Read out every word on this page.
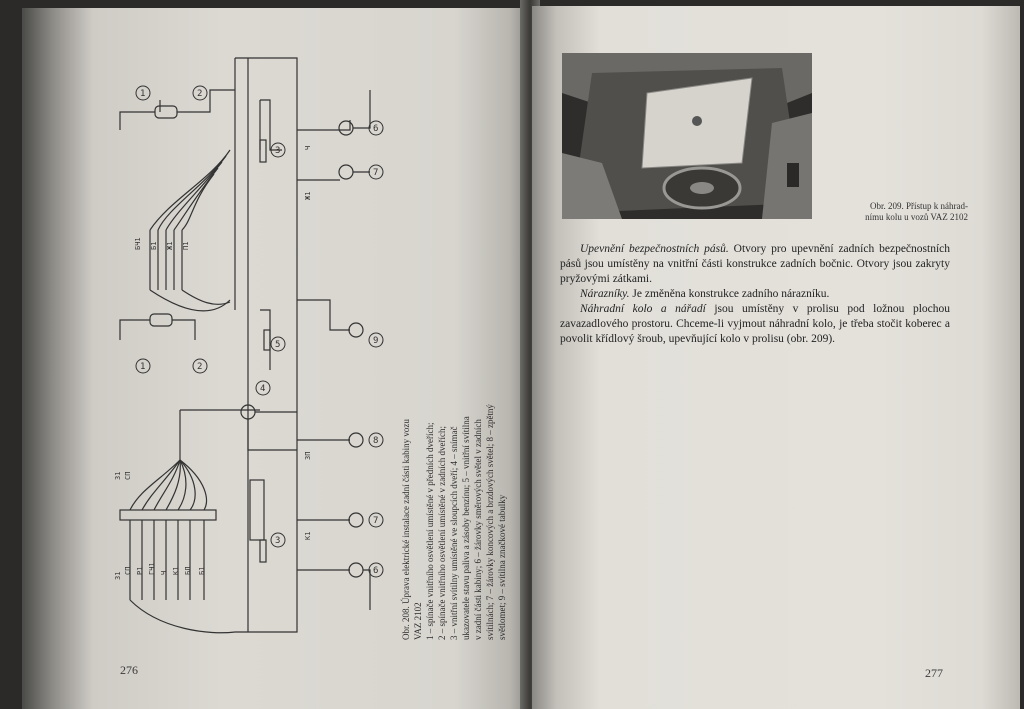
1	2
3
6
7
1	2
4
5	9
8
7
6
3
БЧ1 Б1 Ж1 П1
31
СП Р1 ГЧ1 Ч К1 БЛ Б1
31 СП
Ч
Ж1
ЗП
К1	Obr. 208. Úprava elektrické instalace zadní části kabiny vozu VAZ 2102 1 – spínače vnitřního osvětlení umístěné v předních dveřích; 2 – spínače vnitřního osvětlení umístěné v zadních dveřích; 3 – vnitřní svítilny umístěné ve sloupcích dveří; 4 – snímač ukazovatele stavu paliva a zásoby benzínu; 5 – vnitřní svítilna v zadní části kabiny; 6 – žárovky směrových světel v zadních svítilnách; 7 – žárovky koncových a brzdových světel; 8 – zpětný světlomet; 9 – svítilna značkové tabulky
276
Obr. 209. Přístup k náhrad-
nímu kolu u vozů VAZ 2102

Upevnění bezpečnostních pásů. Otvory pro upevnění zadních bezpečnostních pásů jsou umístěny na vnitřní části konstrukce zadních bočnic. Otvory jsou zakryty pryžovými zátkami.

Nárazníky. Je změněna konstrukce zadního nárazníku.

Náhradní kolo a nářadí jsou umístěny v prolisu pod ložnou plochou zavazadlového prostoru. Chceme-li vyjmout náhradní kolo, je třeba stočit koberec a povolit křídlový šroub, upevňující kolo v prolisu (obr. 209).

277
